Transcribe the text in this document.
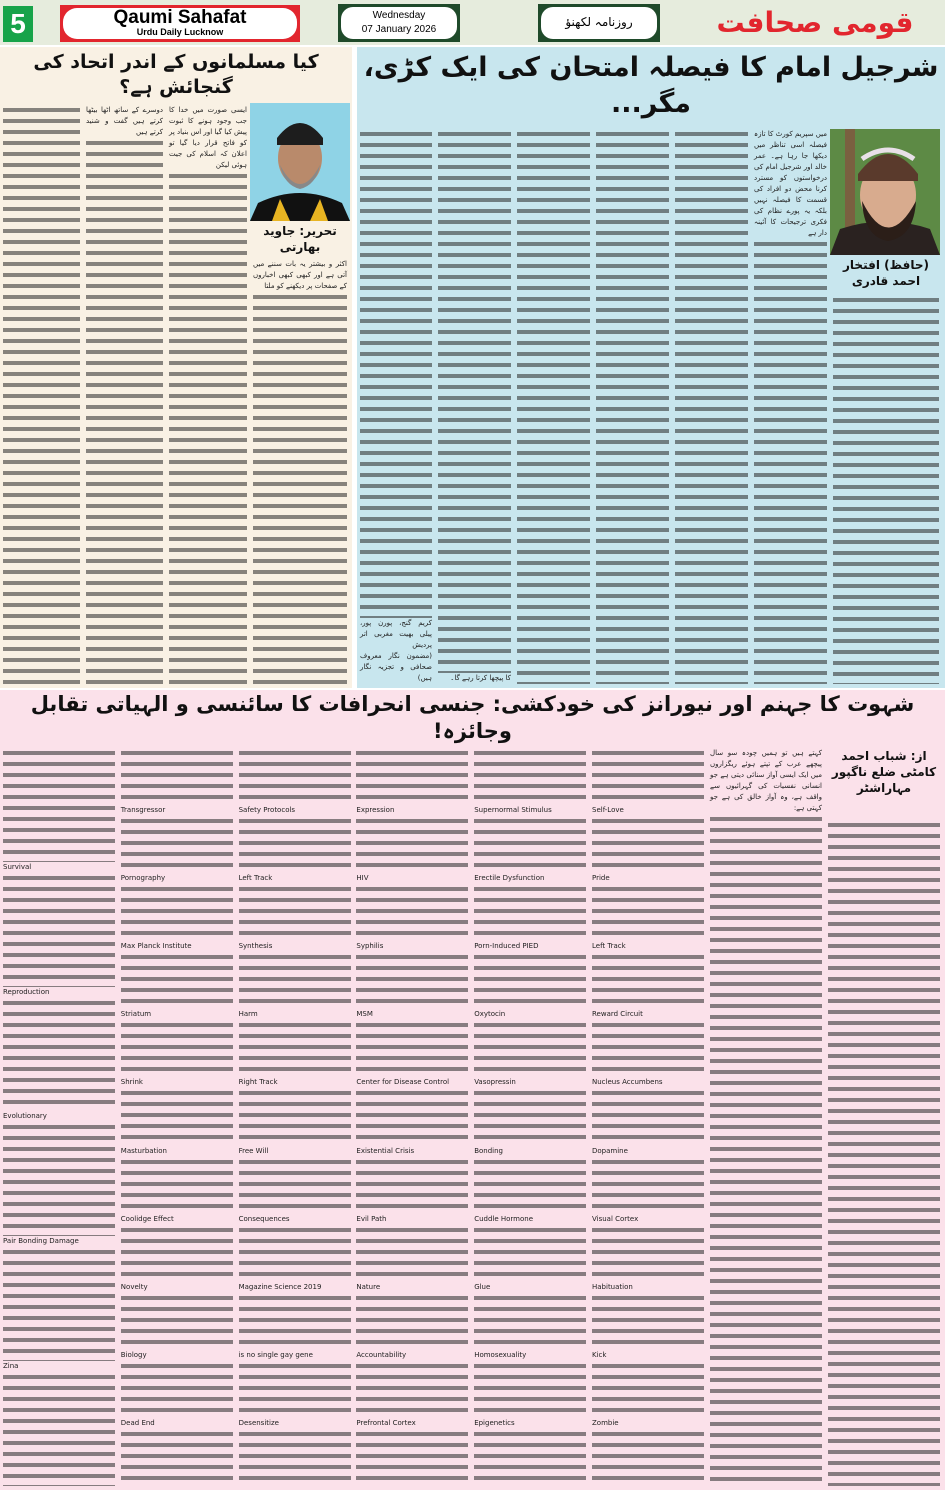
5	Qaumi Sahafat
Urdu Daily Lucknow
Wednesday
07 January 2026
روزنامہ لکھنؤ	قومی صحافت
کیا مسلمانوں کے اندر اتحاد کی گنجائش ہے؟
تحریر: جاوید بھارتی
اکثر و بیشتر یہ بات سننے میں آتی ہے اور کبھی کبھی اخباروں کے صفحات پر دیکھنے کو ملتا
ایسی صورت میں خدا کا جب وجود ہونے کا ثبوت پیش کیا گیا اور اس بنیاد پر کو فاتح قرار دیا گیا تو اعلان کہ اسلام کی جیت ہوئی لیکن
دوسرے کے ساتھ اٹھا بیٹھا کرتے ہیں گفت و شنید کرتے ہیں
شرجیل امام کا فیصلہ امتحان کی ایک کڑی، مگر...
(حافظ) افتخار احمد قادری
میں سپریم کورٹ کا تازہ فیصلہ اسی تناظر میں دیکھا جا رہا ہے۔ عمر خالد اور شرجیل امام کی درخواستوں کو مسترد کرنا محض دو افراد کی قسمت کا فیصلہ نہیں بلکہ یہ پورے نظام کی فکری ترجیحات کا آئینہ دار ہے
کا پیچھا کرتا رہے گا۔
کریم گنج، پورن پور، پیلی بھیت مغربی اتر پردیش
(مضمون نگار معروف صحافی و تجزیہ نگار ہیں)
شہوت کا جہنم اور نیورانز کی خودکشی: جنسی انحرافات کا سائنسی و الہیاتی تقابل وجائزہ!
از: شباب احمد
کامٹی ضلع ناگپور مہاراشٹر
کہتے ہیں تو ہمیں چودہ سو سال پیچھے عرب کے تپتے ہوئے ریگزاروں میں ایک ایسی آواز سنائی دیتی ہے جو انسانی نفسیات کی گہرائیوں سے واقف ہے، وہ آواز خالق کی ہے جو کہتی ہے:
Survival
Reproduction
Evolutionary
Pair Bonding Damage
Zina
Transgressor
Pornography
Max Planck Institute
Striatum
Shrink
Masturbation
Coolidge Effect
Novelty
Biology
Dead End
Safety Protocols
Left Track
Synthesis
Harm
Right Track
Free Will
Consequences
Magazine Science 2019
is no single gay gene
Desensitize
Expression
HIV
Syphilis
MSM
Center for Disease Control
Existential Crisis
Evil Path
Nature
Accountability
Prefrontal Cortex
Supernormal Stimulus
Erectile Dysfunction
Porn-Induced PIED
Oxytocin
Vasopressin
Bonding
Cuddle Hormone
Glue
Homosexuality
Epigenetics
Self-Love
Pride
Left Track
Reward Circuit
Nucleus Accumbens
Dopamine
Visual Cortex
Habituation
Kick
Zombie
